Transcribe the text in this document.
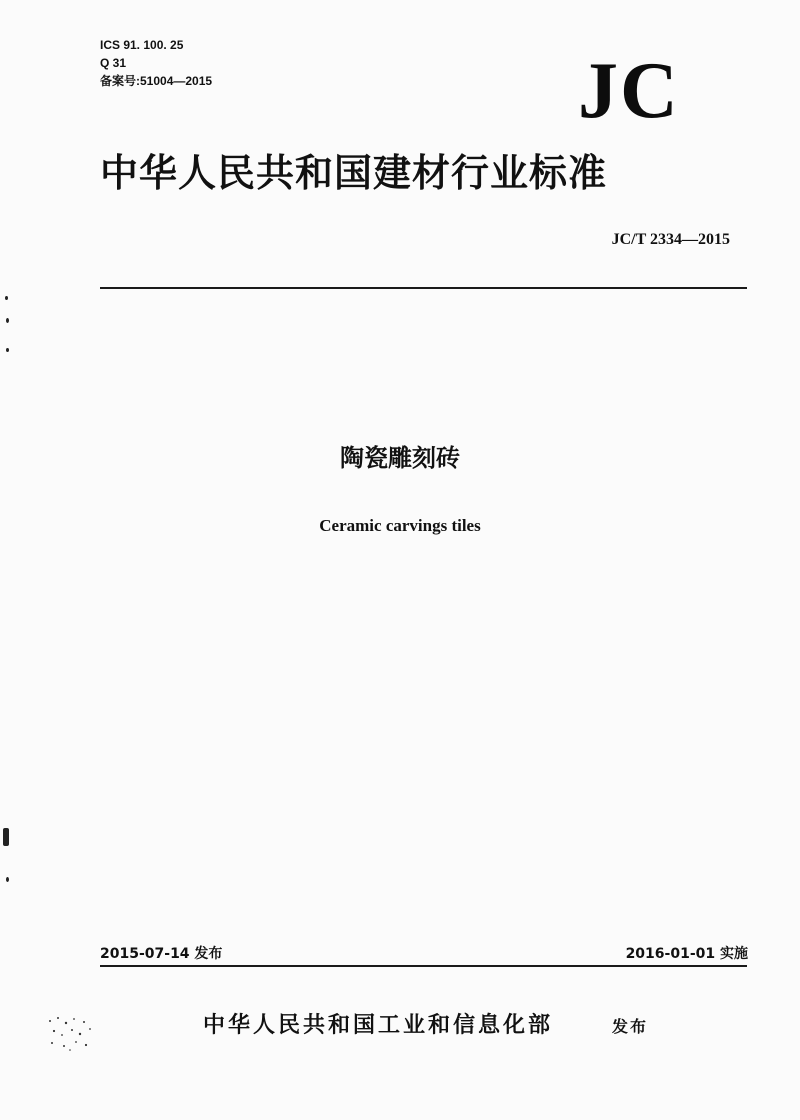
ICS 91. 100. 25
Q 31
备案号:51004—2015	JC
中华人民共和国建材行业标准
JC/T 2334—2015
陶瓷雕刻砖
Ceramic carvings tiles
2015-07-14 发布	2016-01-01 实施
中华人民共和国工业和信息化部	发布
